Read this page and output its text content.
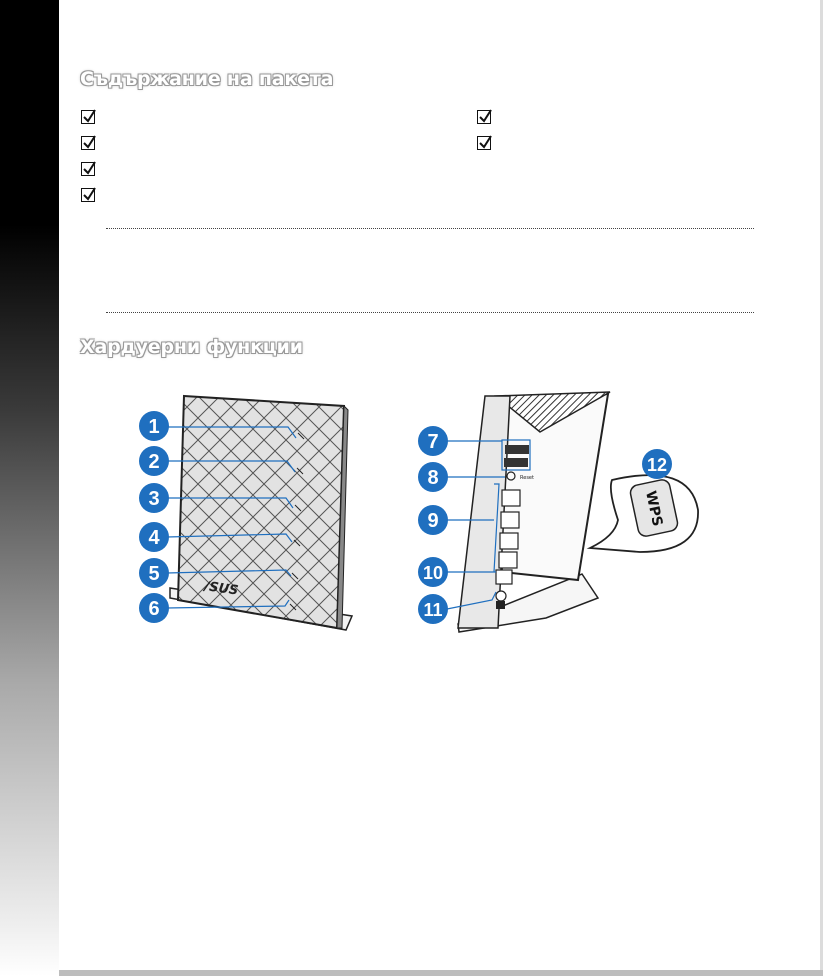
Съдържание на пакета
Хардуерни функции
/SUS
Reset
WPS
1
2
3
4
5
6
7
8
9
10
11
12
